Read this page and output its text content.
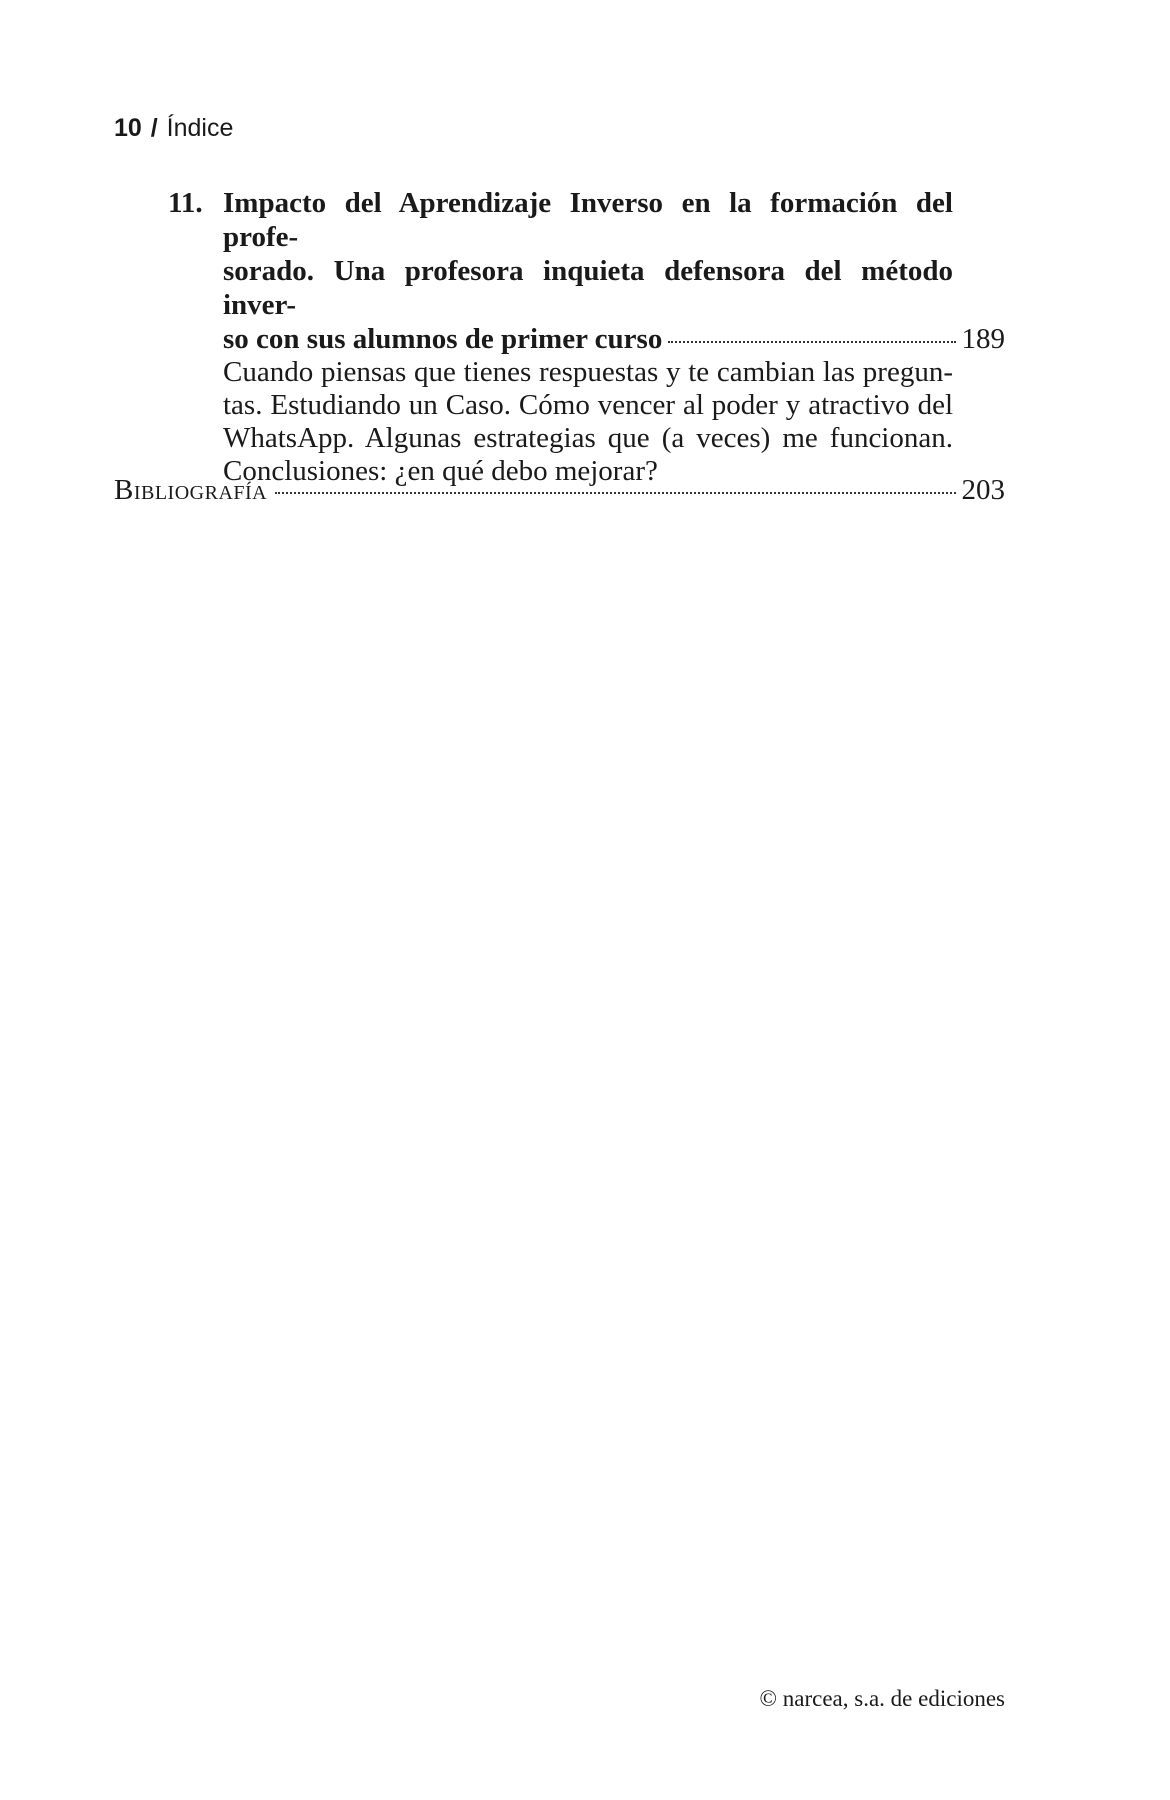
10 / Índice
11. Impacto del Aprendizaje Inverso en la formación del profe-
sorado. Una profesora inquieta defensora del método inver-
so con sus alumnos de primer curso	189
Cuando piensas que tienes respuestas y te cambian las pregun-
tas. Estudiando un Caso. Cómo vencer al poder y atractivo del
WhatsApp. Algunas estrategias que (a veces) me funcionan.
Conclusiones: ¿en qué debo mejorar?
Bibliografía	203
© narcea, s.a. de ediciones
